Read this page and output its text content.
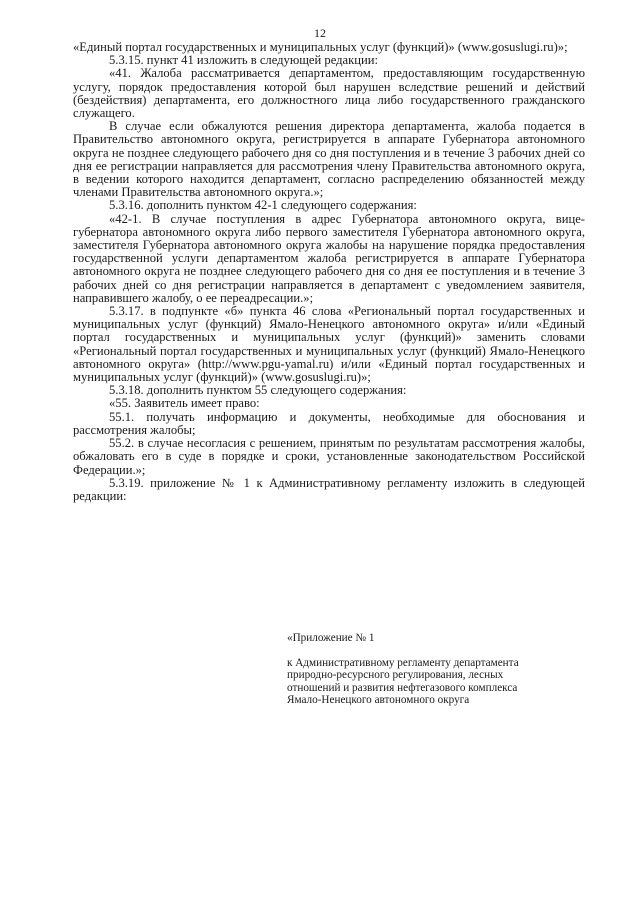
12

«Единый портал государственных и муниципальных услуг (функций)» (www.gosuslugi.ru)»;

5.3.15. пункт 41 изложить в следующей редакции:

«41. Жалоба рассматривается департаментом, предоставляющим государственную услугу, порядок предоставления которой был нарушен вследствие решений и действий (бездействия) департамента, его должностного лица либо государственного гражданского служащего.

В случае если обжалуются решения директора департамента, жалоба подается в Правительство автономного округа, регистрируется в аппарате Губернатора автономного округа не позднее следующего рабочего дня со дня поступления и в течение 3 рабочих дней со дня ее регистрации направляется для рассмотрения члену Правительства автономного округа, в ведении которого находится департамент, согласно распределению обязанностей между членами Правительства автономного округа.»;

5.3.16. дополнить пунктом 42-1 следующего содержания:

«42-1. В случае поступления в адрес Губернатора автономного округа, вице-губернатора автономного округа либо первого заместителя Губернатора автономного округа, заместителя Губернатора автономного округа жалобы на нарушение порядка предоставления государственной услуги департаментом жалоба регистрируется в аппарате Губернатора автономного округа не позднее следующего рабочего дня со дня ее поступления и в течение 3 рабочих дней со дня регистрации направляется в департамент с уведомлением заявителя, направившего жалобу, о ее переадресации.»;

5.3.17. в подпункте «б» пункта 46 слова «Региональный портал государственных и муниципальных услуг (функций) Ямало-Ненецкого автономного округа» и/или «Единый портал государственных и муниципальных услуг (функций)» заменить словами «Региональный портал государственных и муниципальных услуг (функций) Ямало-Ненецкого автономного округа» (http://www.pgu-yamal.ru) и/или «Единый портал государственных и муниципальных услуг (функций)» (www.gosuslugi.ru)»;

5.3.18. дополнить пунктом 55 следующего содержания:

«55. Заявитель имеет право:

55.1. получать информацию и документы, необходимые для обоснования и рассмотрения жалобы;

55.2. в случае несогласия с решением, принятым по результатам рассмотрения жалобы, обжаловать его в суде в порядке и сроки, установленные законодательством Российской Федерации.»;

5.3.19. приложение № 1 к Административному регламенту изложить в следующей редакции:

«Приложение № 1

к Административному регламенту департамента

природно-ресурсного регулирования, лесных

отношений и развития нефтегазового комплекса

Ямало-Ненецкого автономного округа
